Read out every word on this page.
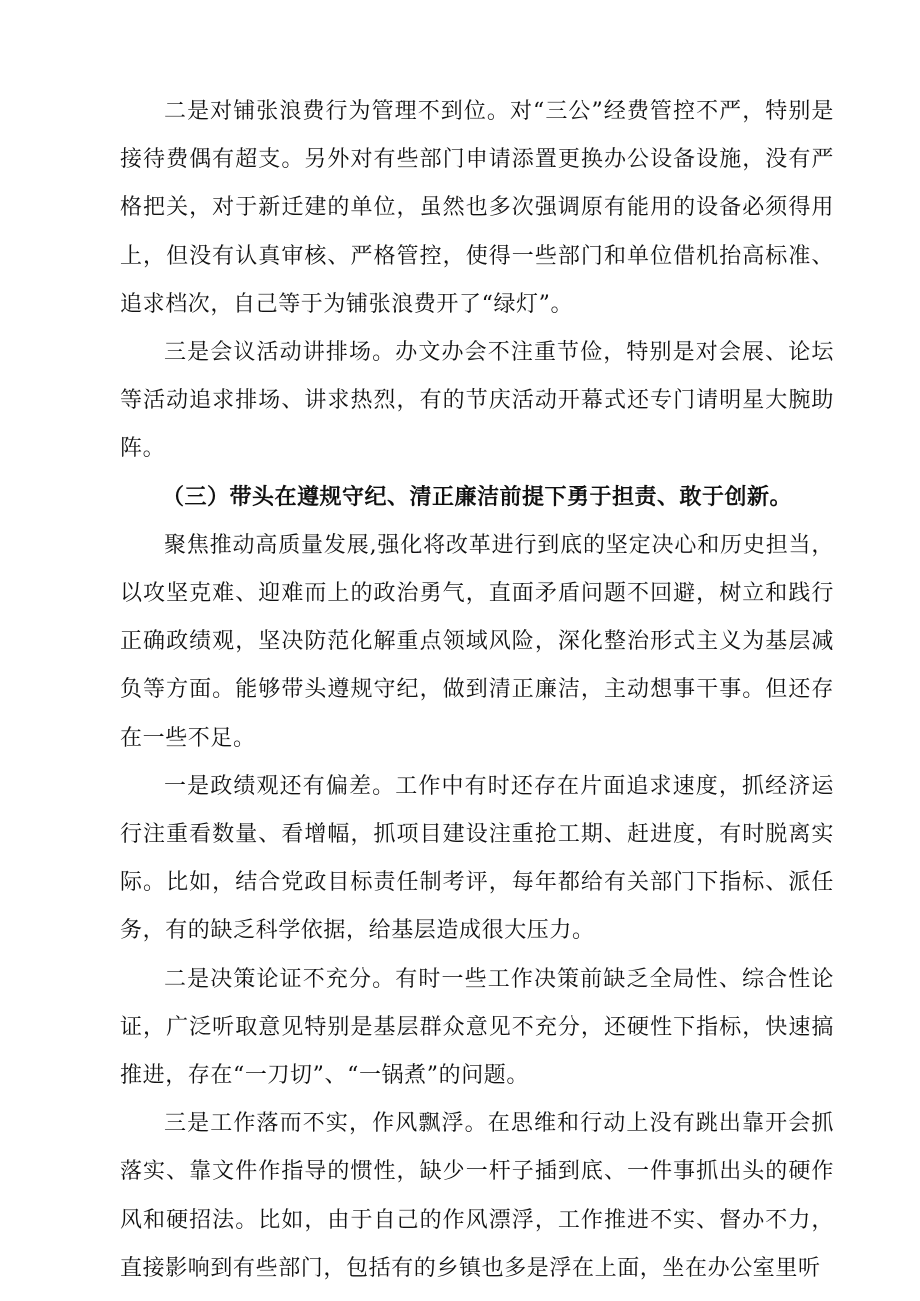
二是对铺张浪费行为管理不到位。对“三公”经费管控不严，特别是接待费偶有超支。另外对有些部门申请添置更换办公设备设施，没有严格把关，对于新迁建的单位，虽然也多次强调原有能用的设备必须得用上，但没有认真审核、严格管控，使得一些部门和单位借机抬高标准、追求档次，自己等于为铺张浪费开了“绿灯”。

三是会议活动讲排场。办文办会不注重节俭，特别是对会展、论坛等活动追求排场、讲求热烈，有的节庆活动开幕式还专门请明星大腕助阵。

（三）带头在遵规守纪、清正廉洁前提下勇于担责、敢于创新。

聚焦推动高质量发展,强化将改革进行到底的坚定决心和历史担当，以攻坚克难、迎难而上的政治勇气，直面矛盾问题不回避，树立和践行正确政绩观，坚决防范化解重点领域风险，深化整治形式主义为基层减负等方面。能够带头遵规守纪，做到清正廉洁，主动想事干事。但还存在一些不足。

一是政绩观还有偏差。工作中有时还存在片面追求速度，抓经济运行注重看数量、看增幅，抓项目建设注重抢工期、赶进度，有时脱离实际。比如，结合党政目标责任制考评，每年都给有关部门下指标、派任务，有的缺乏科学依据，给基层造成很大压力。

二是决策论证不充分。有时一些工作决策前缺乏全局性、综合性论证，广泛听取意见特别是基层群众意见不充分，还硬性下指标，快速搞推进，存在“一刀切”、“一锅煮”的问题。

三是工作落而不实，作风飘浮。在思维和行动上没有跳出靠开会抓落实、靠文件作指导的惯性，缺少一杆子插到底、一件事抓出头的硬作风和硬招法。比如，由于自己的作风漂浮，工作推进不实、督办不力，直接影响到有些部门，包括有的乡镇也多是浮在上面，坐在办公室里听
